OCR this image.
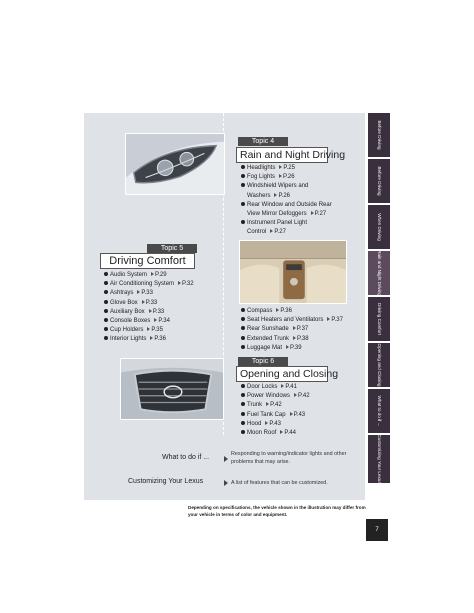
Topic 4
Rain and Night Driving
Headlights P.25
Fog Lights P.26
Windshield Wipers and
Washers P.26
Rear Window and Outside Rear
View Mirror Defoggers P.27
Instrument Panel Light
Control P.27
Topic 5
Driving Comfort
Audio System P.29
Air Conditioning System P.32
Ashtrays P.33
Glove Box P.33
Auxiliary Box P.33
Console Boxes P.34
Cup Holders P.35
Interior Lights P.36
Compass P.36
Seat Heaters and Ventilators P.37
Rear Sunshade P.37
Extended Trunk P.38
Luggage Mat P.39
Topic 6
Opening and Closing
Door Locks P.41
Power Windows P.42
Trunk P.42
Fuel Tank Cap P.43
Hood P.43
Moon Roof P.44
What to do if ...	Responding to warning/indicator lights and other problems that may arise.
Customizing Your Lexus	A list of features that can be customized.
Depending on specifications, the vehicle shown in the illustration may differ from your vehicle in terms of color and equipment.
Before Driving
Before Driving
When Driving
Rain and Night Driving
Driving Comfort
Opening and Closing
What to do if ...
Customizing Your Lexus
7
